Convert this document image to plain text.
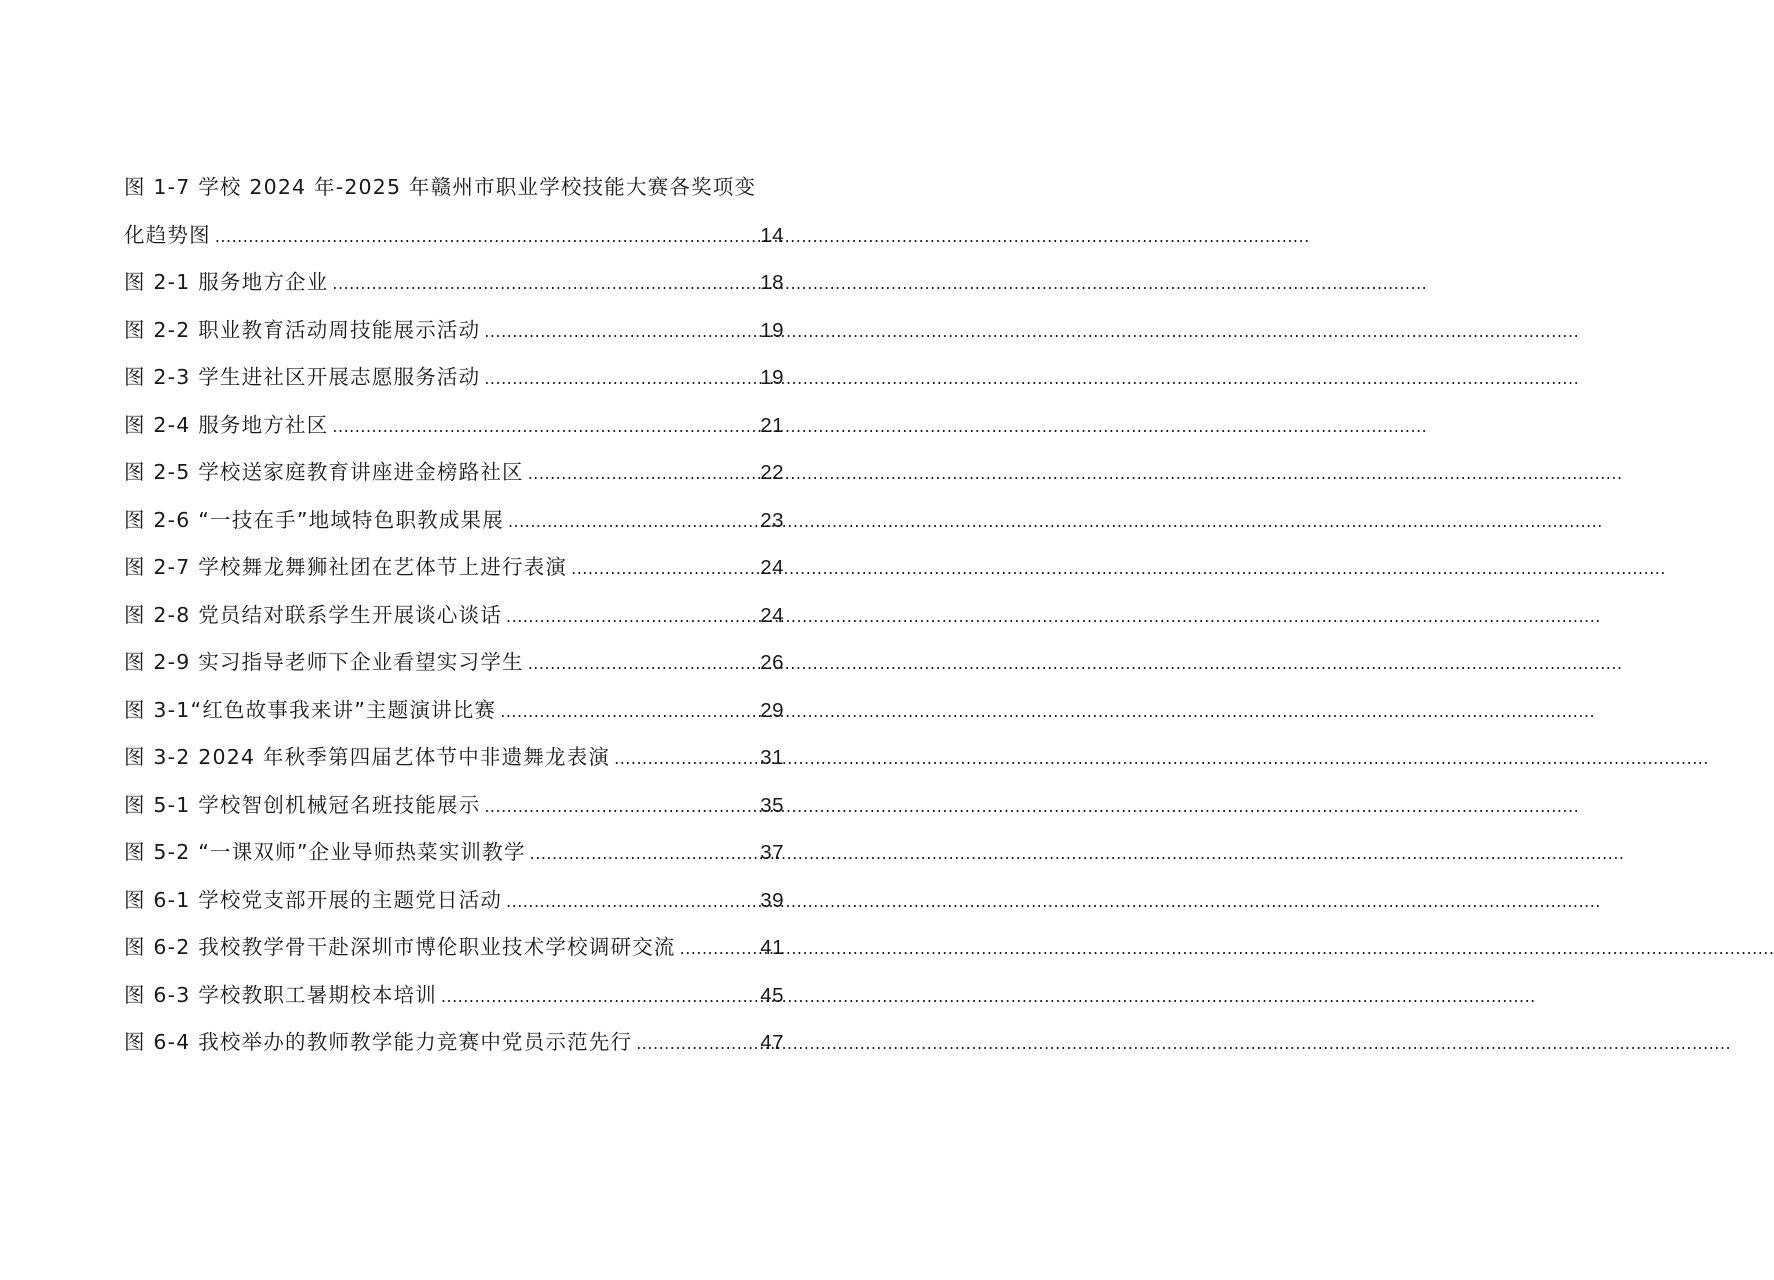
图 1-7 学校 2024 年-2025 年赣州市职业学校技能大赛各奖项变
化趋势图 .....	14
图 2-1 服务地方企业 .....	18
图 2-2 职业教育活动周技能展示活动 .....	19
图 2-3 学生进社区开展志愿服务活动 .....	19
图 2-4 服务地方社区 .....	21
图 2-5 学校送家庭教育讲座进金榜路社区 .....	22
图 2-6 “一技在手”地域特色职教成果展 .....	23
图 2-7 学校舞龙舞狮社团在艺体节上进行表演 .....	24
图 2-8 党员结对联系学生开展谈心谈话 .....	24
图 2-9 实习指导老师下企业看望实习学生 .....	26
图 3-1“红色故事我来讲”主题演讲比赛 .....	29
图 3-2 2024 年秋季第四届艺体节中非遗舞龙表演 .....	31
图 5-1 学校智创机械冠名班技能展示 .....	35
图 5-2 “一课双师”企业导师热菜实训教学 .....	37
图 6-1 学校党支部开展的主题党日活动 .....	39
图 6-2 我校教学骨干赴深圳市博伦职业技术学校调研交流 .....	41
图 6-3 学校教职工暑期校本培训 .....	45
图 6-4 我校举办的教师教学能力竞赛中党员示范先行 .....	47
